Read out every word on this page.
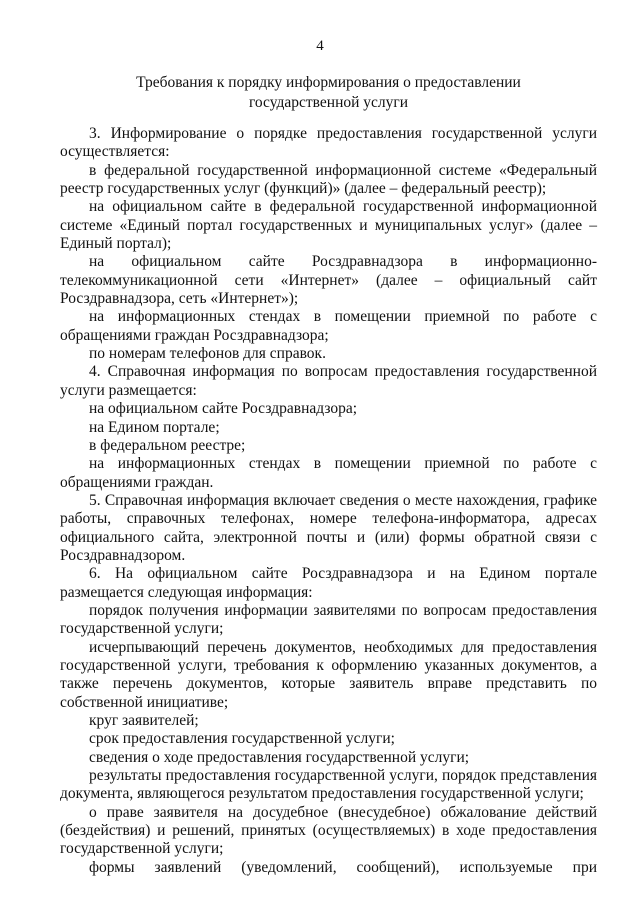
4
Требования к порядку информирования о предоставлении
государственной услуги

3. Информирование о порядке предоставления государственной услуги осуществляется:

в федеральной государственной информационной системе «Федеральный реестр государственных услуг (функций)» (далее – федеральный реестр);

на официальном сайте в федеральной государственной информационной системе «Единый портал государственных и муниципальных услуг» (далее – Единый портал);

на официальном сайте Росздравнадзора в информационно-телекоммуникационной сети «Интернет» (далее – официальный сайт Росздравнадзора, сеть «Интернет»);

на информационных стендах в помещении приемной по работе с обращениями граждан Росздравнадзора;

по номерам телефонов для справок.

4. Справочная информация по вопросам предоставления государственной услуги размещается:

на официальном сайте Росздравнадзора;

на Едином портале;

в федеральном реестре;

на информационных стендах в помещении приемной по работе с обращениями граждан.

5. Справочная информация включает сведения о месте нахождения, графике работы, справочных телефонах, номере телефона-информатора, адресах официального сайта, электронной почты и (или) формы обратной связи с Росздравнадзором.

6. На официальном сайте Росздравнадзора и на Едином портале размещается следующая информация:

порядок получения информации заявителями по вопросам предоставления государственной услуги;

исчерпывающий перечень документов, необходимых для предоставления государственной услуги, требования к оформлению указанных документов, а также перечень документов, которые заявитель вправе представить по собственной инициативе;

круг заявителей;

срок предоставления государственной услуги;

сведения о ходе предоставления государственной услуги;

результаты предоставления государственной услуги, порядок представления документа, являющегося результатом предоставления государственной услуги;

о праве заявителя на досудебное (внесудебное) обжалование действий (бездействия) и решений, принятых (осуществляемых) в ходе предоставления государственной услуги;

формы заявлений (уведомлений, сообщений), используемые при
